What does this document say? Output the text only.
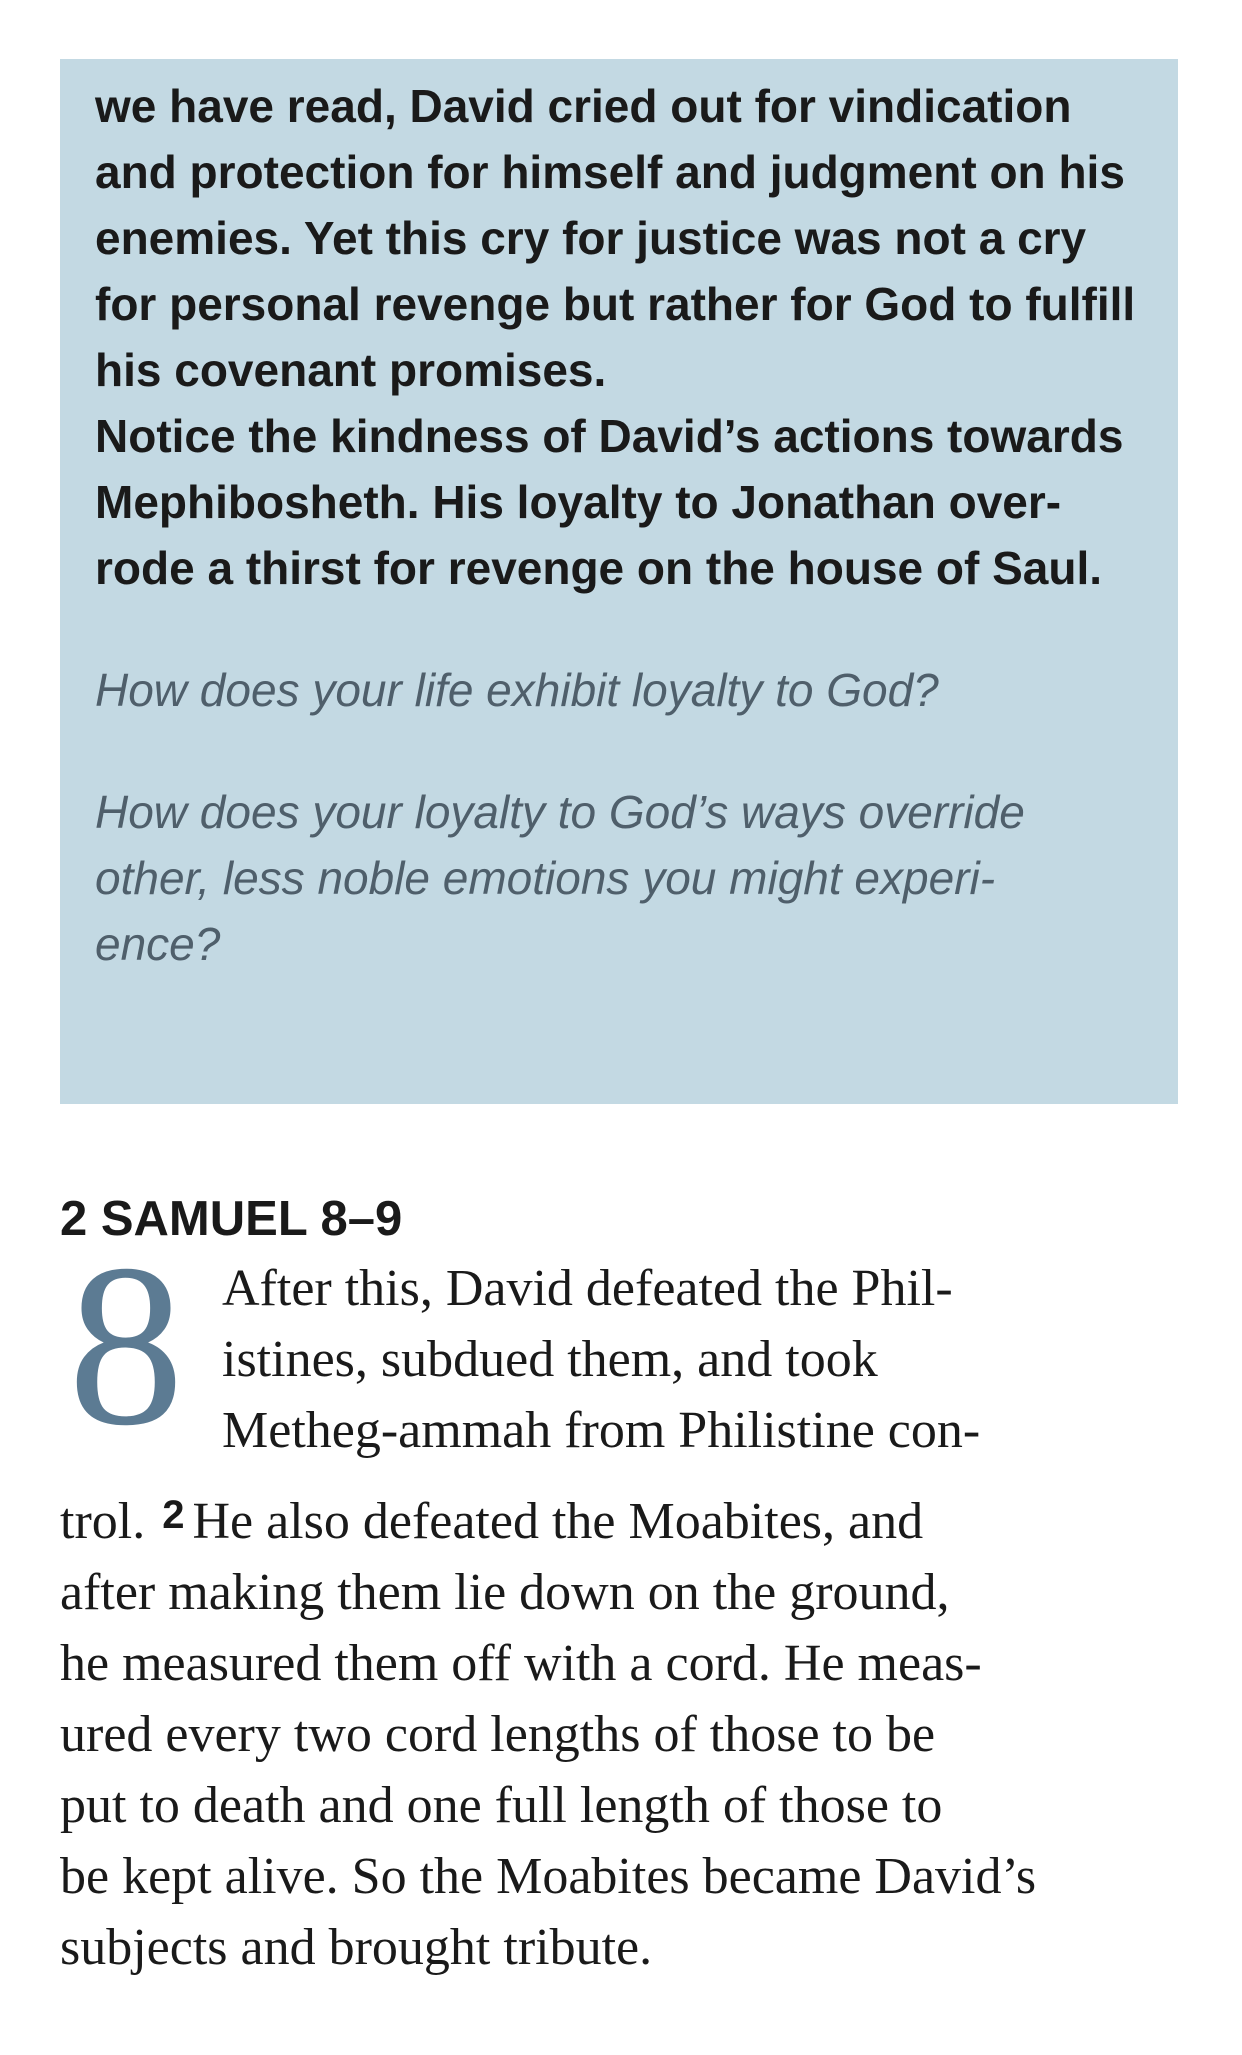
we have read, David cried out for vindication

and protection for himself and judgment on his

enemies. Yet this cry for justice was not a cry

for personal revenge but rather for God to fulfill

his covenant promises.

Notice the kindness of David’s actions towards

Mephibosheth. His loyalty to Jonathan over-

rode a thirst for revenge on the house of Saul.

How does your life exhibit loyalty to God?

How does your loyalty to God’s ways override

other, less noble emotions you might experi-

ence?

2 SAMUEL 8–9
8 After this, David defeated the Phil-

istines, subdued them, and took

Metheg-ammah from Philistine con-

trol. $^2$ He also defeated the Moabites, and

after making them lie down on the ground,

he measured them off with a cord. He meas-

ured every two cord lengths of those to be

put to death and one full length of those to

be kept alive. So the Moabites became David’s

subjects and brought tribute.
